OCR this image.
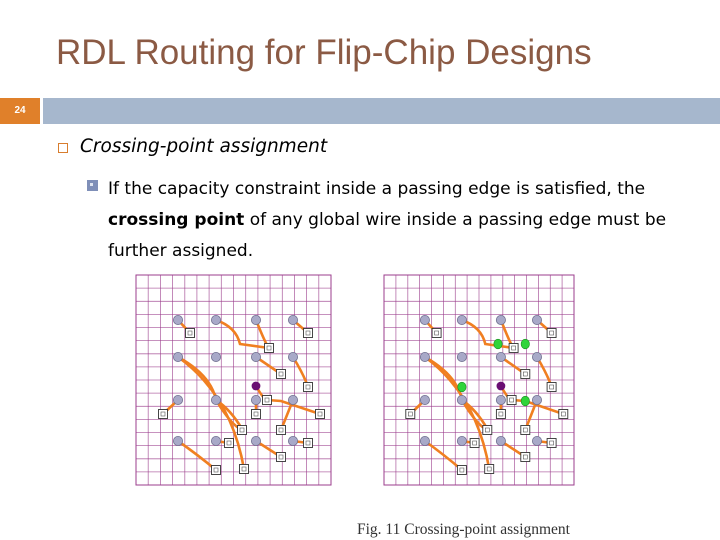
RDL Routing for Flip-Chip Designs
24
Crossing-point assignment
If the capacity constraint inside a passing edge is satisfied, the crossing point of any global wire inside a passing edge must be further assigned.
Fig. 11 Crossing-point assignment
